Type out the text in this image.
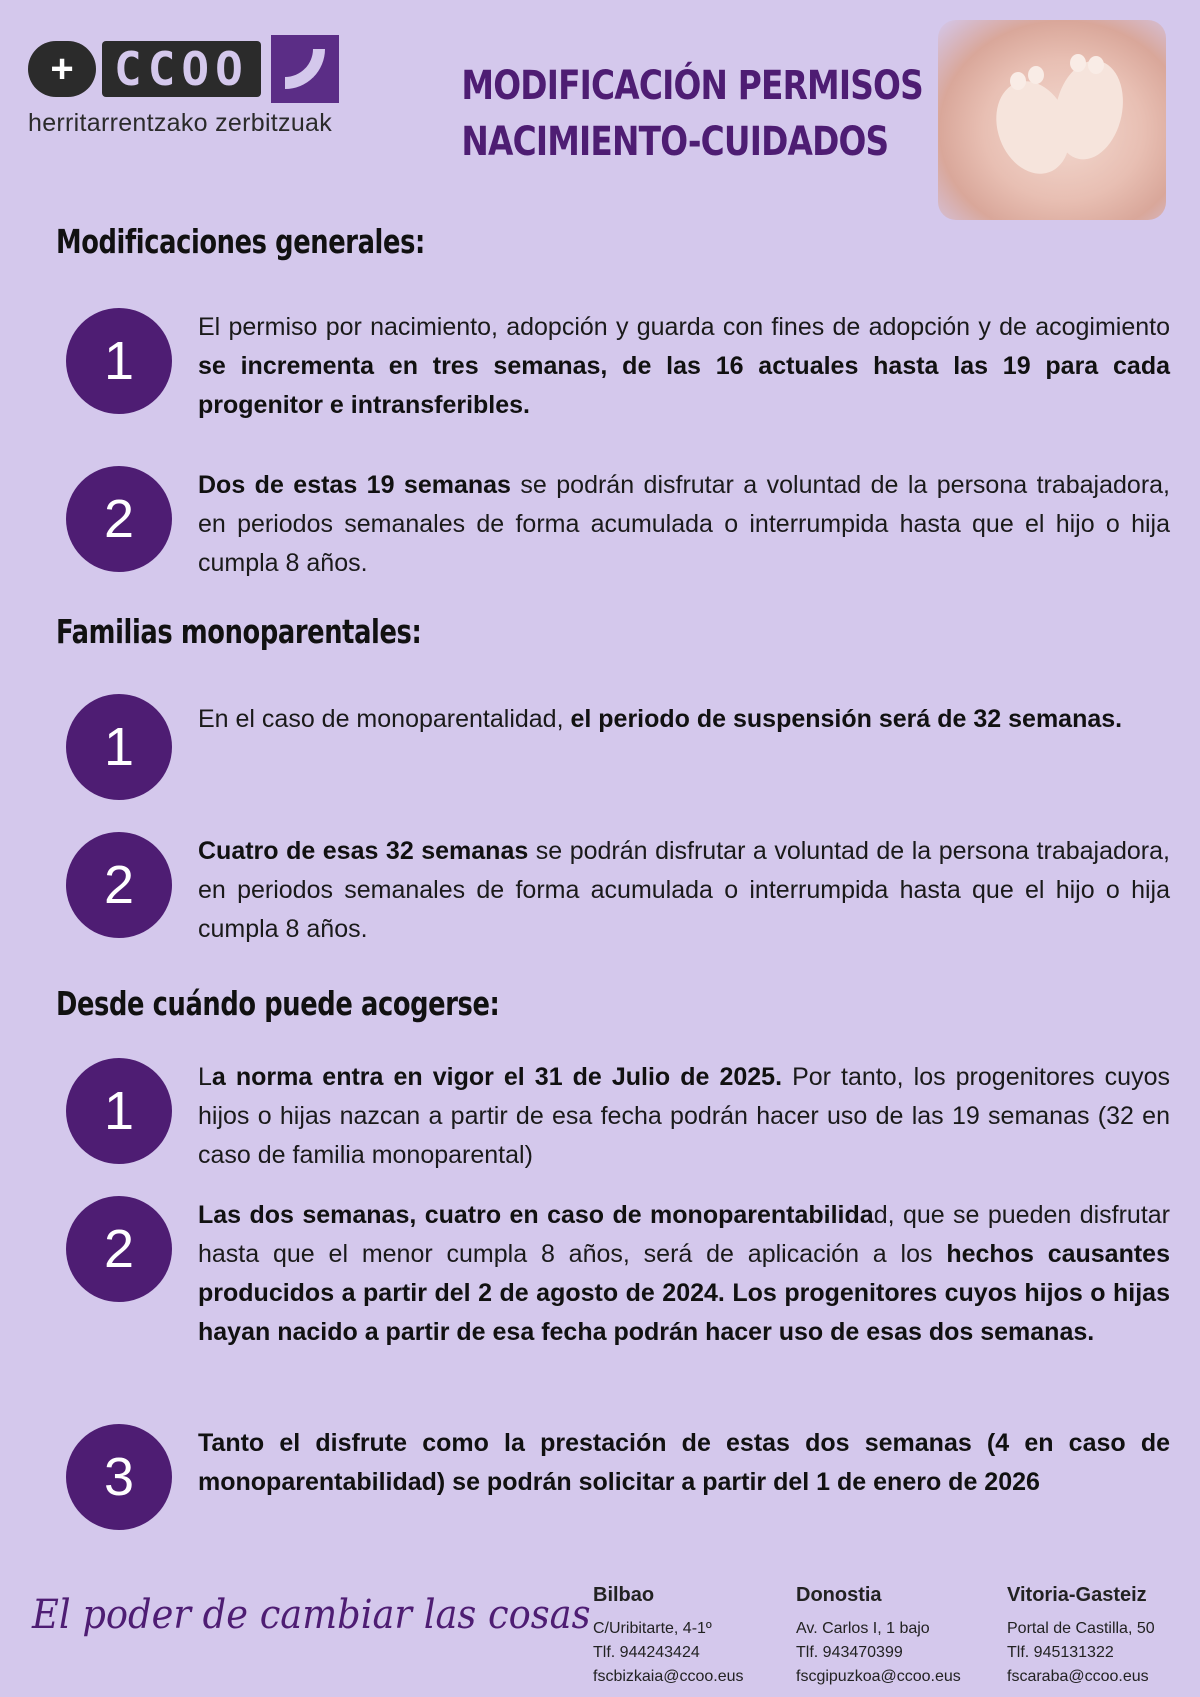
+ CCOO
herritarrentzako zerbitzuak
MODIFICACIÓN PERMISOS
NACIMIENTO-CUIDADOS
Modificaciones generales:
1
El permiso por nacimiento, adopción y guarda con fines de adopción y de acogimiento se incrementa en tres semanas, de las 16 actuales hasta las 19 para cada progenitor e intransferibles.
2
Dos de estas 19 semanas se podrán disfrutar a voluntad de la persona trabajadora, en periodos semanales de forma acumulada o interrumpida hasta que el hijo o hija cumpla 8 años.
Familias monoparentales:
1	En el caso de monoparentalidad, el periodo de suspensión será de 32 semanas.
2
Cuatro de esas 32 semanas se podrán disfrutar a voluntad de la persona trabajadora, en periodos semanales de forma acumulada o interrumpida hasta que el hijo o hija cumpla 8 años.
Desde cuándo puede acogerse:
1
La norma entra en vigor el 31 de Julio de 2025. Por tanto, los progenitores cuyos hijos o hijas nazcan a partir de esa fecha podrán hacer uso de las 19 semanas (32 en caso de familia monoparental)
2
Las dos semanas, cuatro en caso de monoparentabilidad, que se pueden disfrutar hasta que el menor cumpla 8 años, será de aplicación a los hechos causantes producidos a partir del 2 de agosto de 2024. Los progenitores cuyos hijos o hijas hayan nacido a partir de esa fecha podrán hacer uso de esas dos semanas.
3
Tanto el disfrute como la prestación de estas dos semanas (4 en caso de monoparentabilidad) se podrán solicitar a partir del 1 de enero de 2026
El poder de cambiar las cosas Bilbao
C/Uribitarte, 4-1º
Tlf. 944243424
fscbizkaia@ccoo.eus
Donostia
Av. Carlos I, 1 bajo
Tlf. 943470399
fscgipuzkoa@ccoo.eus
Vitoria-Gasteiz
Portal de Castilla, 50
Tlf. 945131322
fscaraba@ccoo.eus
